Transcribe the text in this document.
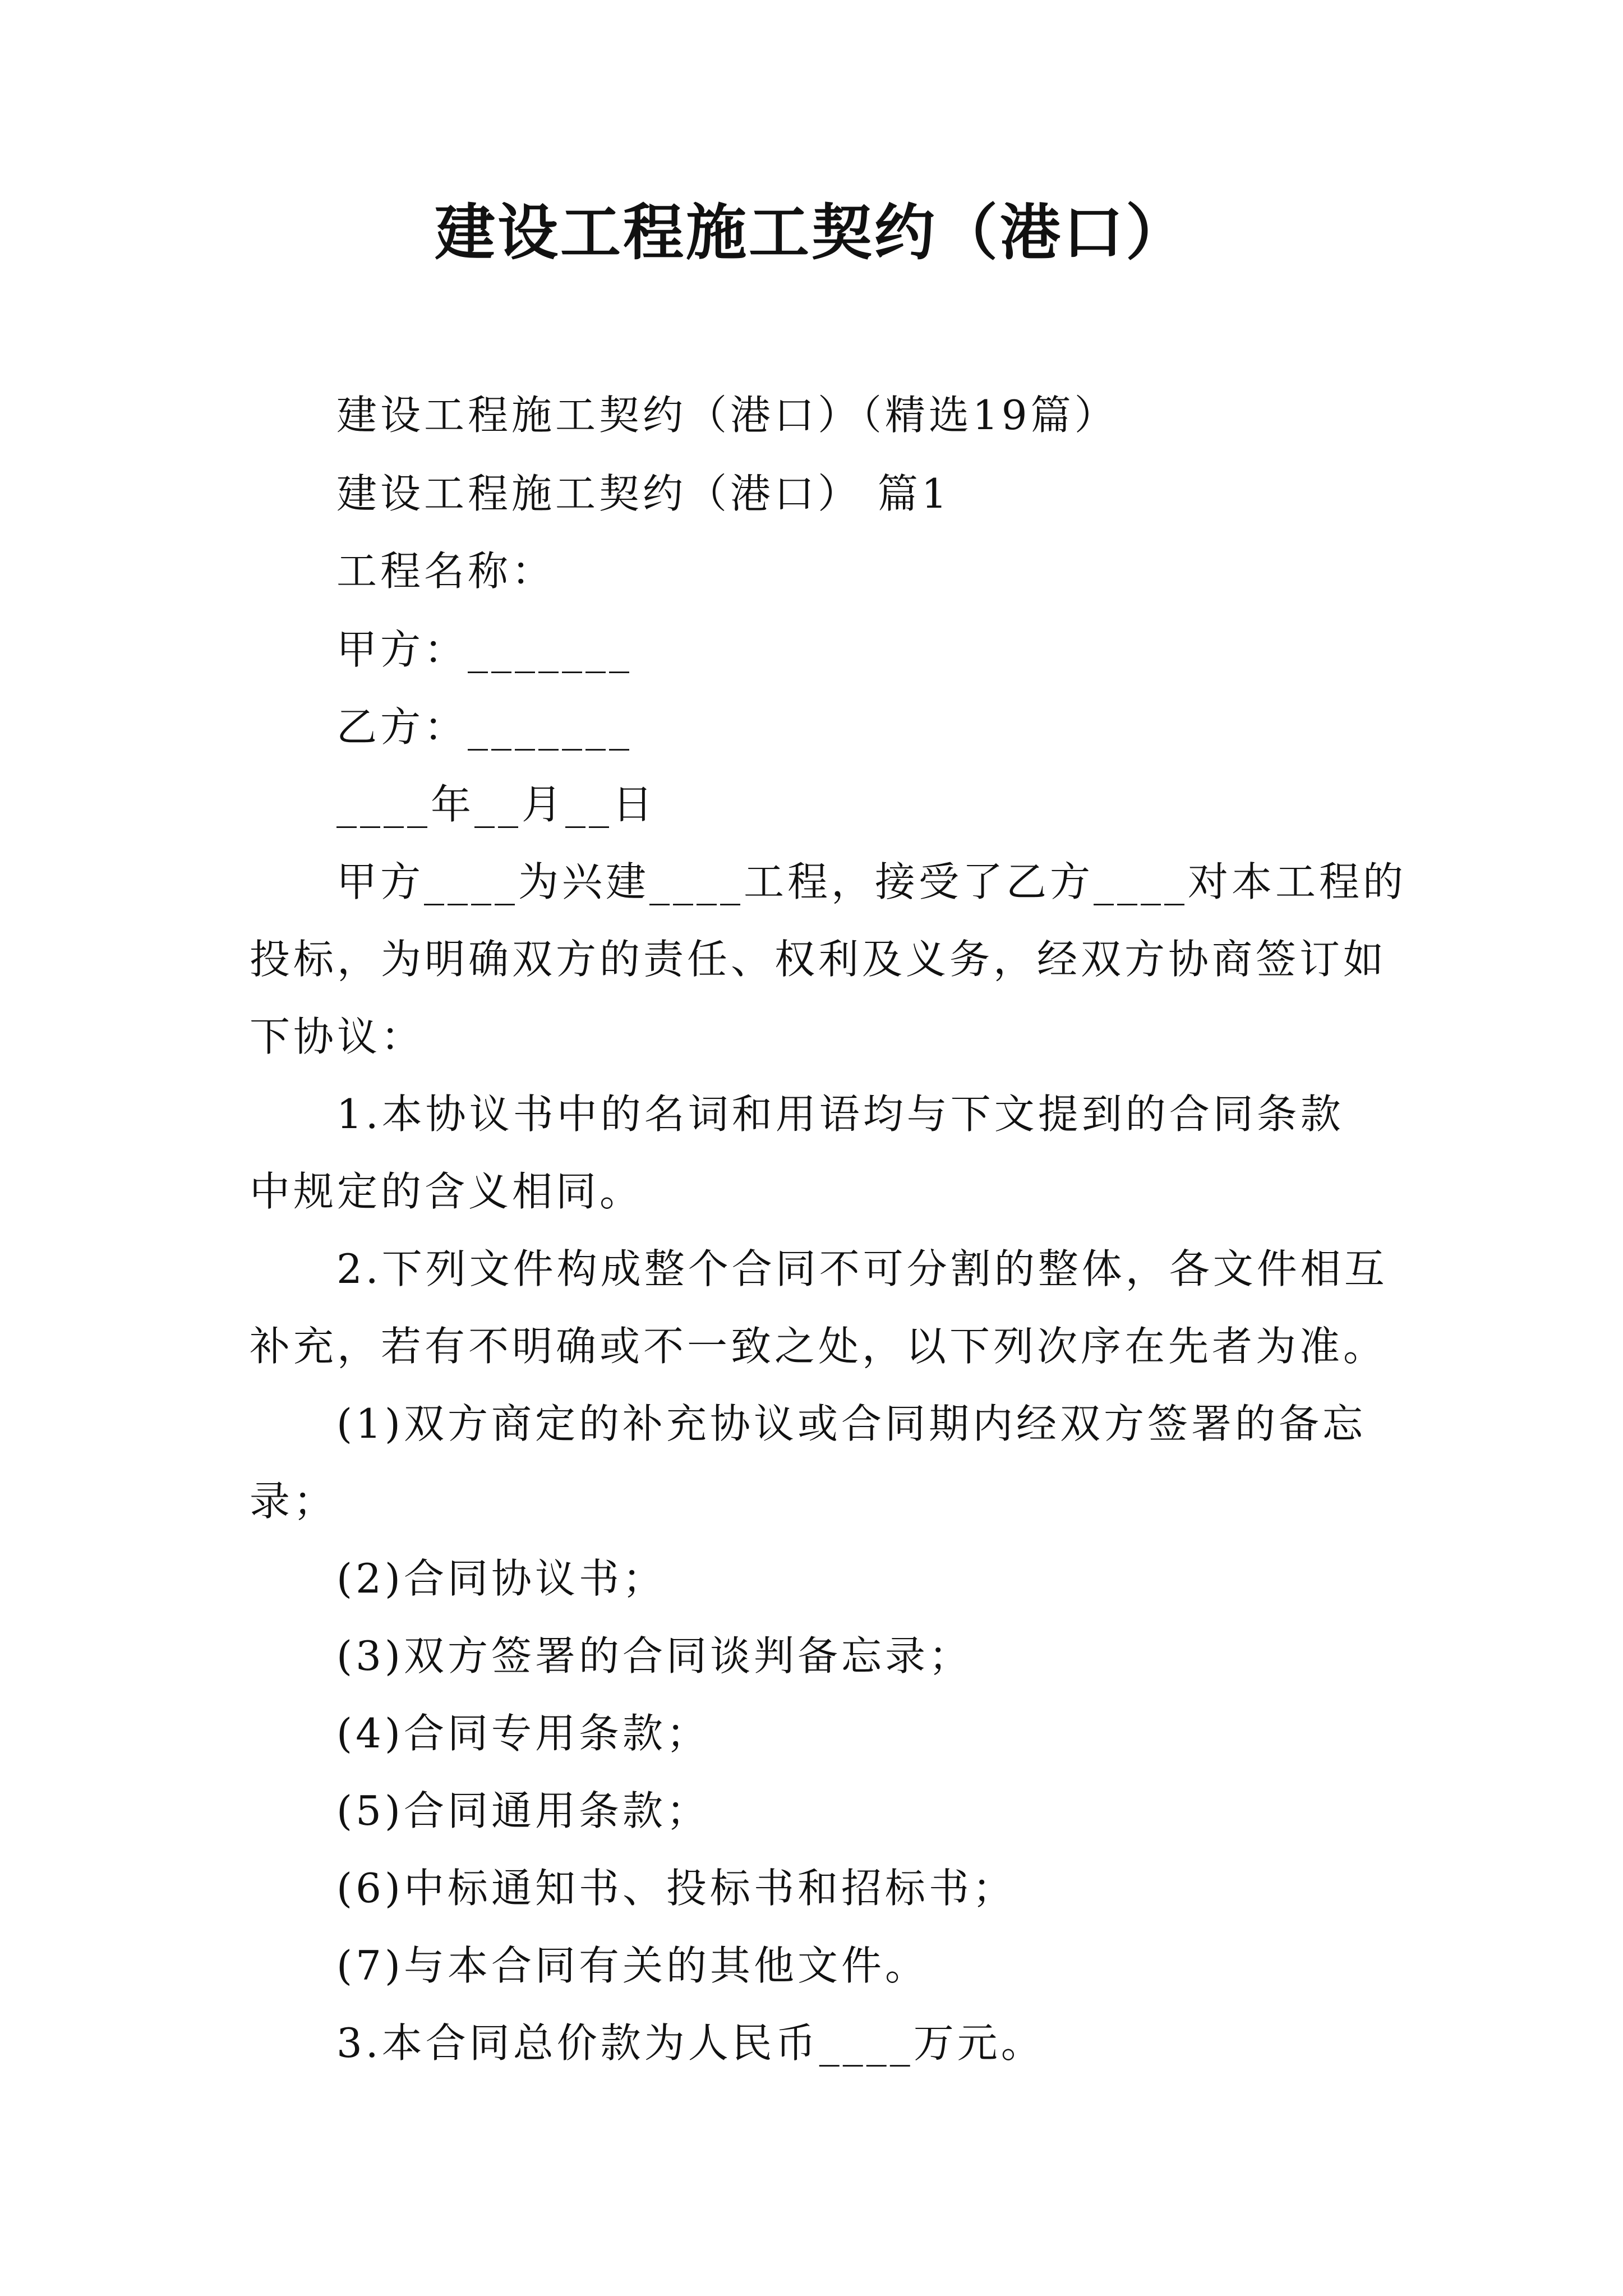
建设工程施工契约（港口）
建设工程施工契约（港口）（精选19篇）
建设工程施工契约（港口） 篇1
工程名称：
甲方：_______
乙方：_______
____年__月__日
甲方____为兴建____工程，接受了乙方____对本工程的
投标，为明确双方的责任、权利及义务，经双方协商签订如
下协议：
1.本协议书中的名词和用语均与下文提到的合同条款
中规定的含义相同。
2.下列文件构成整个合同不可分割的整体，各文件相互
补充，若有不明确或不一致之处，以下列次序在先者为准。
(1)双方商定的补充协议或合同期内经双方签署的备忘
录；
(2)合同协议书；
(3)双方签署的合同谈判备忘录；
(4)合同专用条款；
(5)合同通用条款；
(6)中标通知书、投标书和招标书；
(7)与本合同有关的其他文件。
3.本合同总价款为人民币____万元。
